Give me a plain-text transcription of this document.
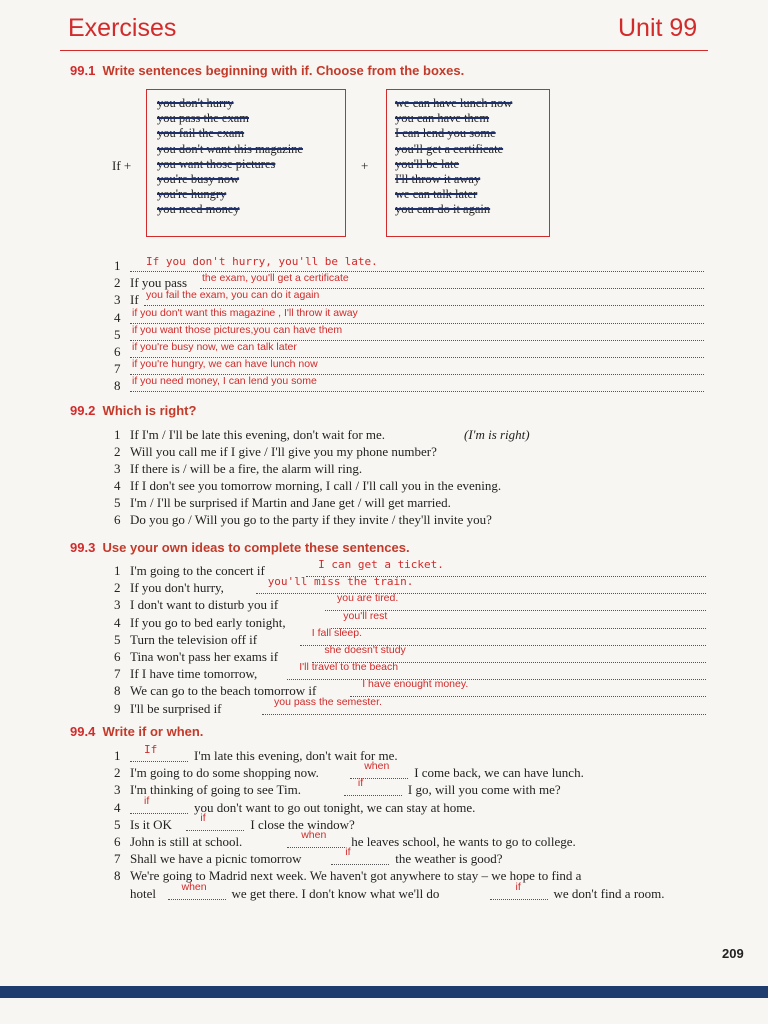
Exercises	Unit 99
99.1 Write sentences beginning with if. Choose from the boxes.
If +	+
you don't hurry
you pass the exam
you fail the exam
you don't want this magazine
you want those pictures
you're busy now
you're hungry
you need money
we can have lunch now
you can have them
I can lend you some
you'll get a certificate
you'll be late
I'll throw it away
we can talk later
you can do it again
1 If you don't hurry, you'll be late.
2 If you pass the exam, you'll get a certificate
3 If you fail the exam, you can do it again
4 if you don't want this magazine , I'll throw it away
5 if you want those pictures,you can have them
6 if you're busy now, we can talk later
7 if you're hungry, we can have lunch now
8 if you need money, I can lend you some
99.2 Which is right?
1 If I'm / I'll be late this evening, don't wait for me.	(I'm is right)
2 Will you call me if I give / I'll give you my phone number?
3 If there is / will be a fire, the alarm will ring.
4 If I don't see you tomorrow morning, I call / I'll call you in the evening.
5 I'm / I'll be surprised if Martin and Jane get / will get married.
6 Do you go / Will you go to the party if they invite / they'll invite you?
99.3 Use your own ideas to complete these sentences.
1 I'm going to the concert if	I can get a ticket.
2 If you don't hurry,	you'll miss the train.
3 I don't want to disturb you if	you are tired.
4 If you go to bed early tonight,	you'll rest
5 Turn the television off if	I fall sleep.
6 Tina won't pass her exams if	she doesn't study
7 If I have time tomorrow,	I'll travel to the beach
8 We can go to the beach tomorrow if	I have enought money.
9 I'll be surprised if	you pass the semester.
99.4 Write if or when.
1 If	I'm late this evening, don't wait for me.
2 I'm going to do some shopping now.	when I come back, we can have lunch.
3 I'm thinking of going to see Tim.	if	I go, will you come with me?
4 if	you don't want to go out tonight, we can stay at home.
5 Is it OK	if	I close the window?
6 John is still at school.	when he leaves school, he wants to go to college.
7 Shall we have a picnic tomorrow	if	the weather is good?
8 We're going to Madrid next week. We haven't got anywhere to stay – we hope to find a
hotel when we get there. I don't know what we'll do	if	we don't find a room.
209
